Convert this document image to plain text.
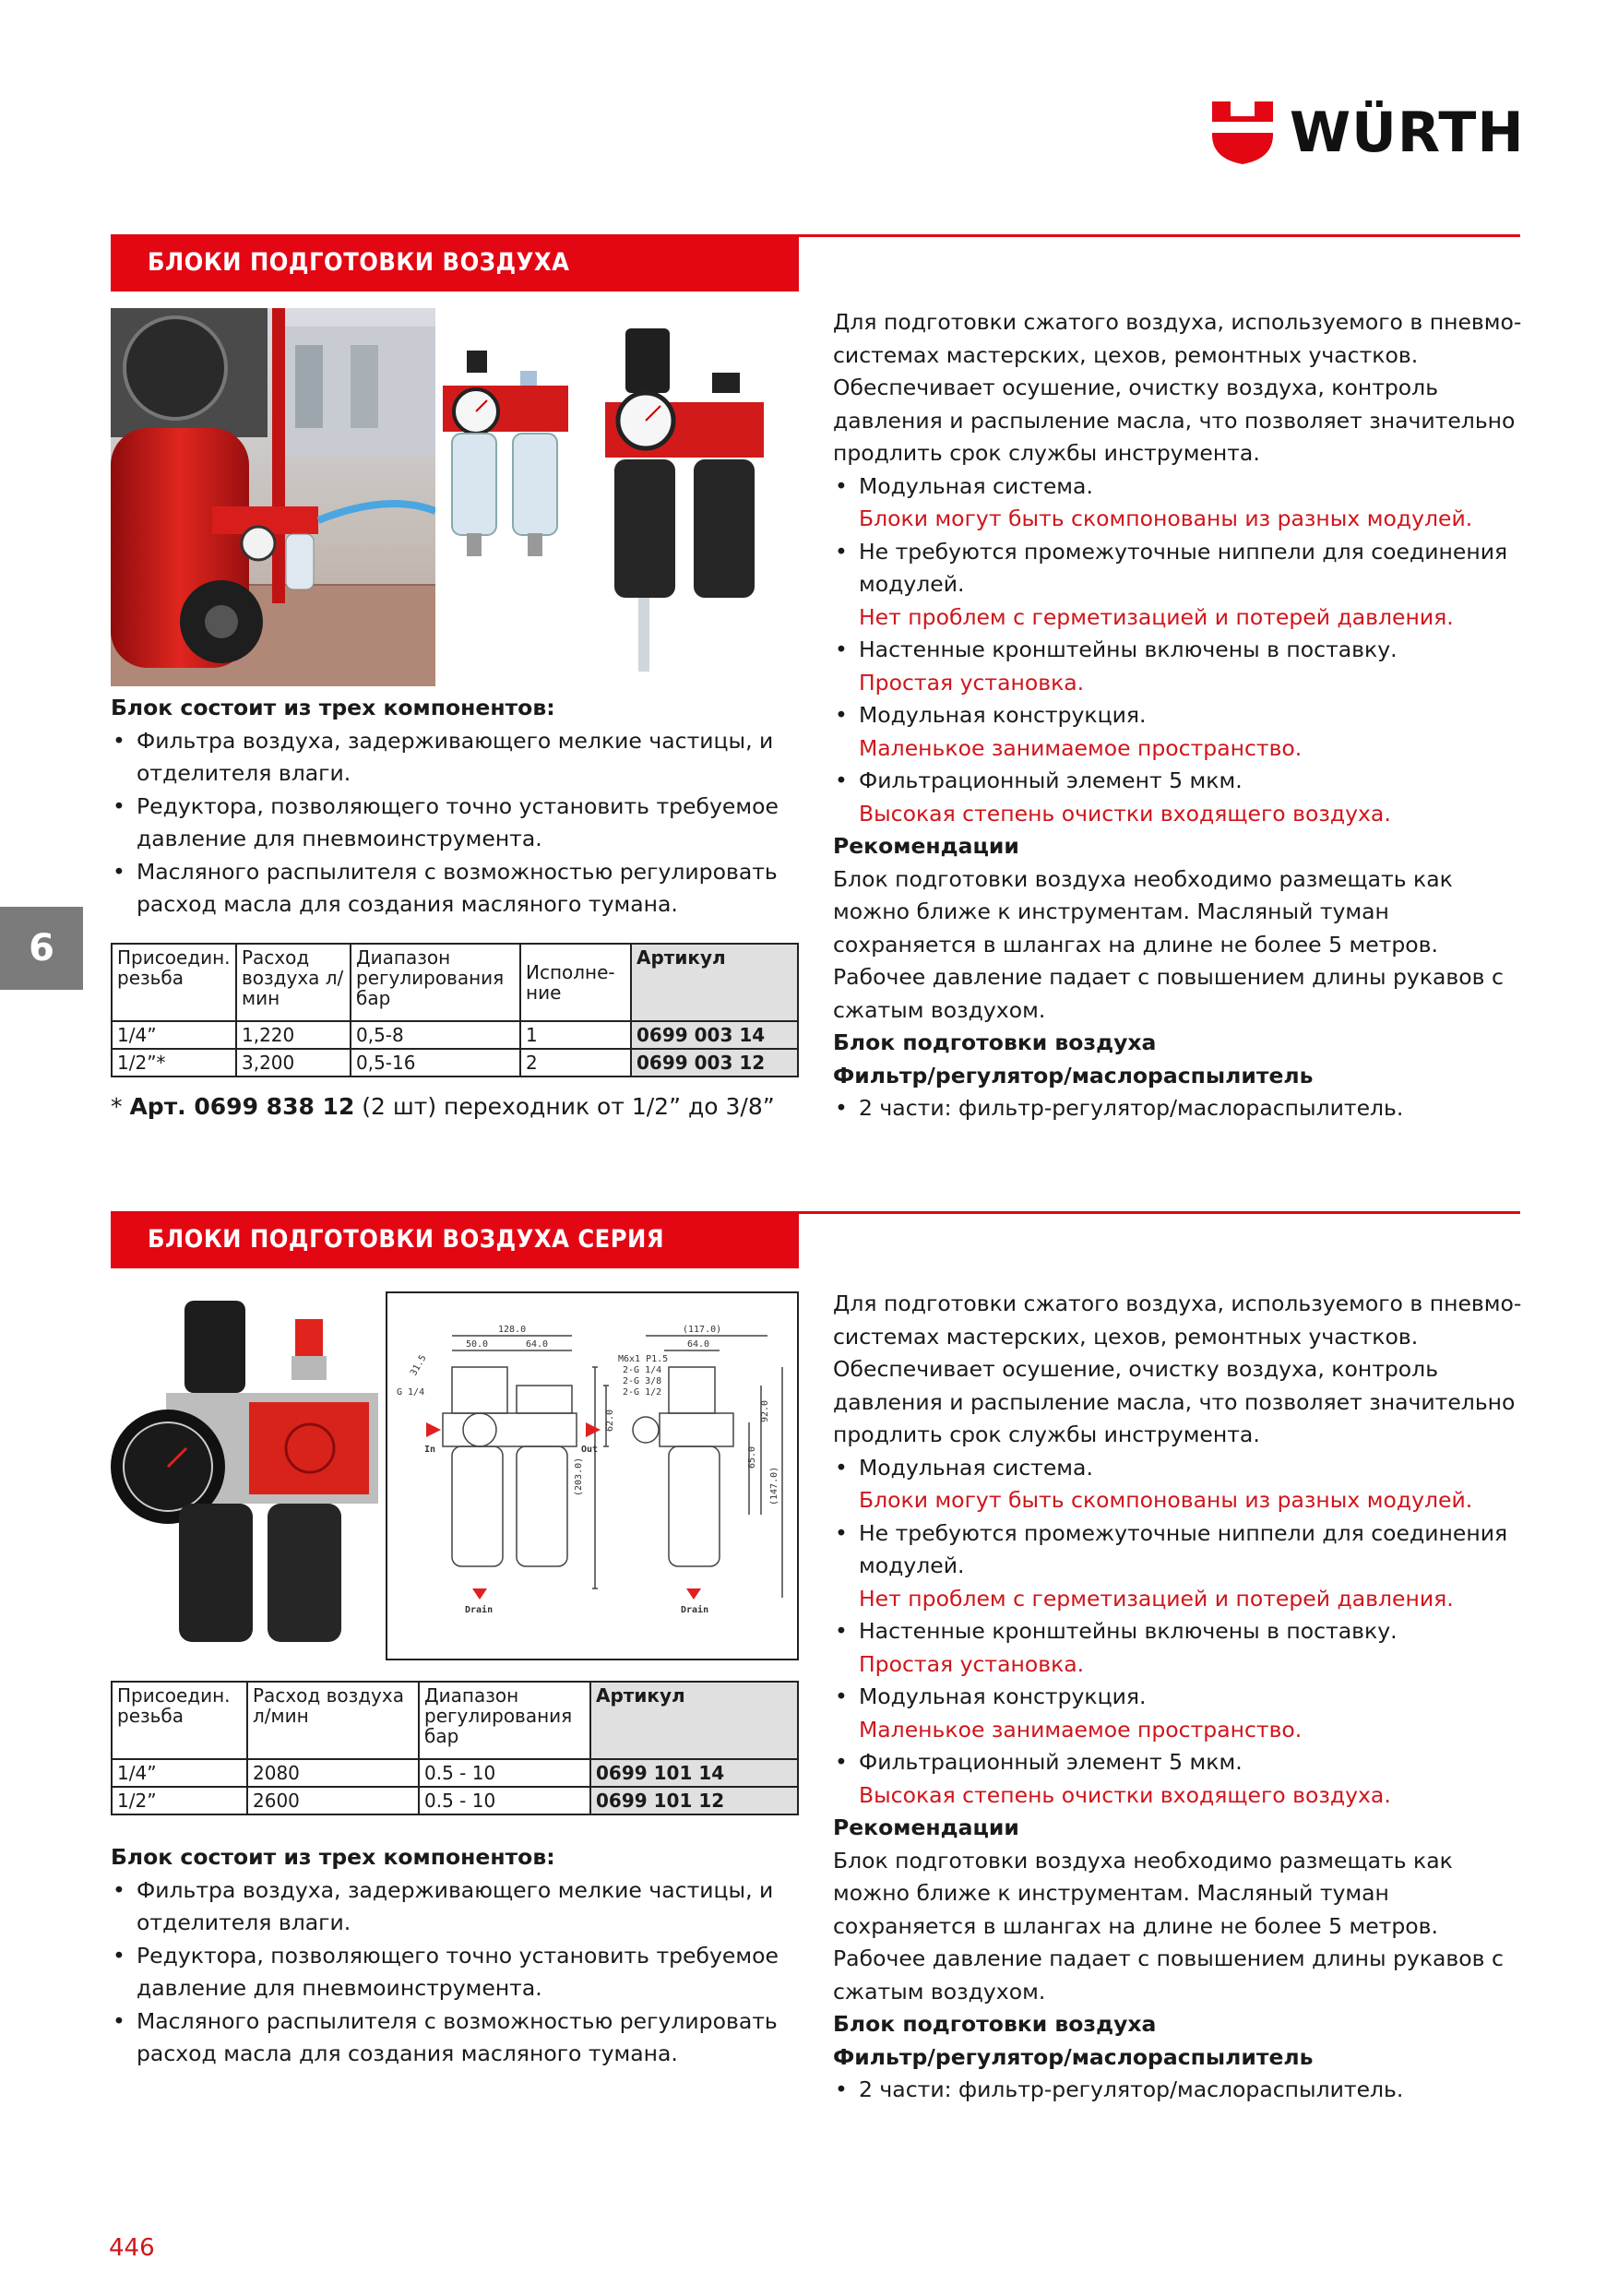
WÜRTH
6
БЛОКИ ПОДГОТОВКИ ВОЗДУХА

Блок состоит из трех компонентов:

• Фильтра воздуха, задерживающего мелкие частицы, и отделителя влаги.
• Редуктора, позволяющего точно установить требуемое давление для пневмоинструмента.
• Масляного распылителя с возможностью регулировать расход масла для создания масляного тумана.
Присоедин. резьба	Расход воздуха л/мин	Диапазон регулирования бар	Исполне-ние	Артикул
1/4”	1,220	0,5-8	1	0699 003 14
1/2”*	3,200	0,5-16	2	0699 003 12
* Арт. 0699 838 12 (2 шт) переходник от 1/2” до 3/8”

Для подготовки сжатого воздуха, используемого в пневмо-системах мастерских, цехов, ремонтных участков. Обеспечивает осушение, очистку воздуха, контроль давления и распыление масла, что позволяет значительно продлить срок службы инструмента.

• Модульная система.

Блоки могут быть скомпонованы из разных модулей.

• Не требуются промежуточные ниппели для соединения модулей.

Нет проблем с герметизацией и потерей давления.

• Настенные кронштейны включены в поставку.

Простая установка.

• Модульная конструкция.

Маленькое занимаемое пространство.

• Фильтрационный элемент 5 мкм.

Высокая степень очистки входящего воздуха.

Рекомендации

Блок подготовки воздуха необходимо размещать как можно ближе к инструментам. Масляный туман сохраняется в шлангах на длине не более 5 метров. Рабочее давление падает с повышением длины рукавов с сжатым воздухом.

Блок подготовки воздуха

Фильтр/регулятор/маслораспылитель

• 2 части: фильтр-регулятор/маслораспылитель.
БЛОКИ ПОДГОТОВКИ ВОЗДУХА СЕРИЯ
128.0
50.0	64.0
(117.0)
64.0
M6x1 P1.5
2-G 1/4
2-G 3/8
2-G 1/2
G 1/4
In	Out
Drain	Drain
(203.0)	(147.0)
92.0
65.0
62.0
31.5
Присоедин. резьба	Расход воздуха л/мин	Диапазон регулирования бар	Артикул
1/4”	2080	0.5 - 10	0699 101 14
1/2”	2600	0.5 - 10	0699 101 12

Блок состоит из трех компонентов:

• Фильтра воздуха, задерживающего мелкие частицы, и отделителя влаги.
• Редуктора, позволяющего точно установить требуемое давление для пневмоинструмента.
• Масляного распылителя с возможностью регулировать расход масла для создания масляного тумана.

Для подготовки сжатого воздуха, используемого в пневмо-системах мастерских, цехов, ремонтных участков. Обеспечивает осушение, очистку воздуха, контроль давления и распыление масла, что позволяет значительно продлить срок службы инструмента.

• Модульная система.

Блоки могут быть скомпонованы из разных модулей.

• Не требуются промежуточные ниппели для соединения модулей.

Нет проблем с герметизацией и потерей давления.

• Настенные кронштейны включены в поставку.

Простая установка.

• Модульная конструкция.

Маленькое занимаемое пространство.

• Фильтрационный элемент 5 мкм.

Высокая степень очистки входящего воздуха.

Рекомендации

Блок подготовки воздуха необходимо размещать как можно ближе к инструментам. Масляный туман сохраняется в шлангах на длине не более 5 метров. Рабочее давление падает с повышением длины рукавов с сжатым воздухом.

Блок подготовки воздуха

Фильтр/регулятор/маслораспылитель

• 2 части: фильтр-регулятор/маслораспылитель.
446
